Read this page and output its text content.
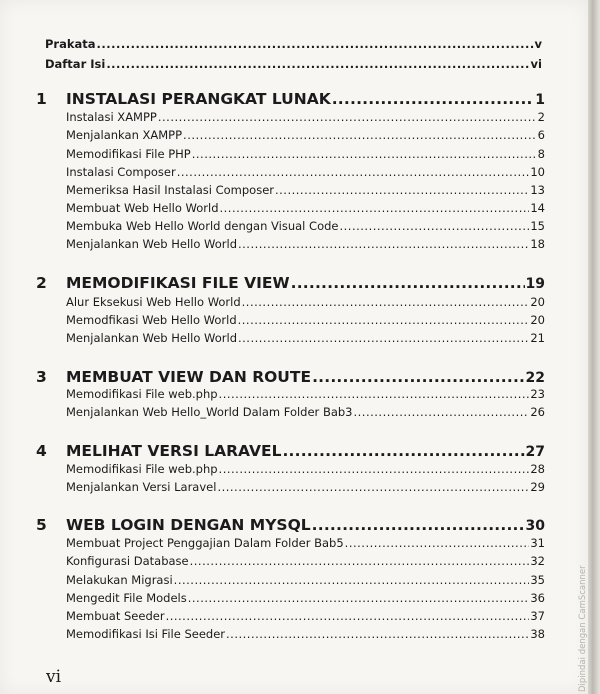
Prakata .....	v
Daftar Isi .....	vi
1 INSTALASI PERANGKAT LUNAK .....	1
Instalasi XAMPP .....	2
Menjalankan XAMPP .....	6
Memodifikasi File PHP .....	8
Instalasi Composer .....	10
Memeriksa Hasil Instalasi Composer .....	13
Membuat Web Hello World .....	14
Membuka Web Hello World dengan Visual Code .....	15
Menjalankan Web Hello World .....	18
2 MEMODIFIKASI FILE VIEW .....	19
Alur Eksekusi Web Hello World .....	20
Memodfikasi Web Hello World .....	20
Menjalankan Web Hello World .....	21
3 MEMBUAT VIEW DAN ROUTE .....	22
Memodifikasi File web.php .....	23
Menjalankan Web Hello_World Dalam Folder Bab3 .....	26
4 MELIHAT VERSI LARAVEL .....	27
Memodifikasi File web.php .....	28
Menjalankan Versi Laravel .....	29
5 WEB LOGIN DENGAN MYSQL .....	30
Membuat Project Penggajian Dalam Folder Bab5 .....	31
Konfigurasi Database .....	32
Melakukan Migrasi .....	35
Mengedit File Models .....	36
Membuat Seeder .....	37
Memodifikasi Isi File Seeder .....	38
vi	Dipindai dengan CamScanner
